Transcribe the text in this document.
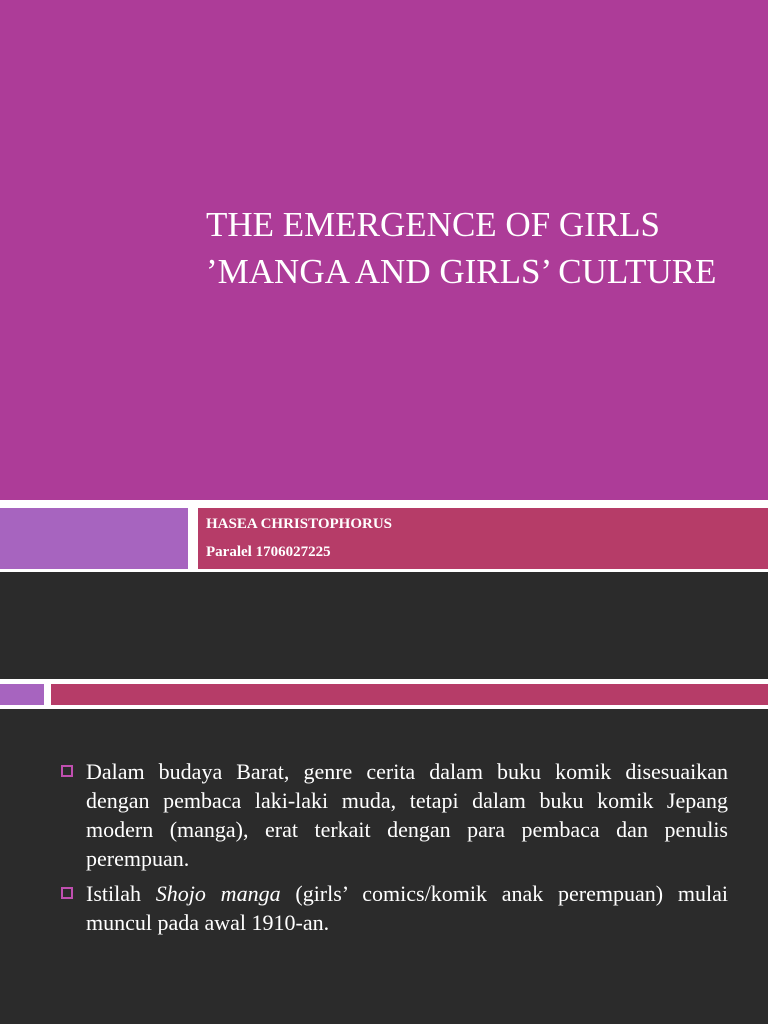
THE EMERGENCE OF GIRLS ’MANGA AND GIRLS’ CULTURE
HASEA CHRISTOPHORUS
Paralel 1706027225
Dalam budaya Barat, genre cerita dalam buku komik disesuaikan dengan pembaca laki-laki muda, tetapi dalam buku komik Jepang modern (manga), erat terkait dengan para pembaca dan penulis perempuan.
Istilah Shojo manga (girls’ comics/komik anak perempuan) mulai muncul pada awal 1910-an.
